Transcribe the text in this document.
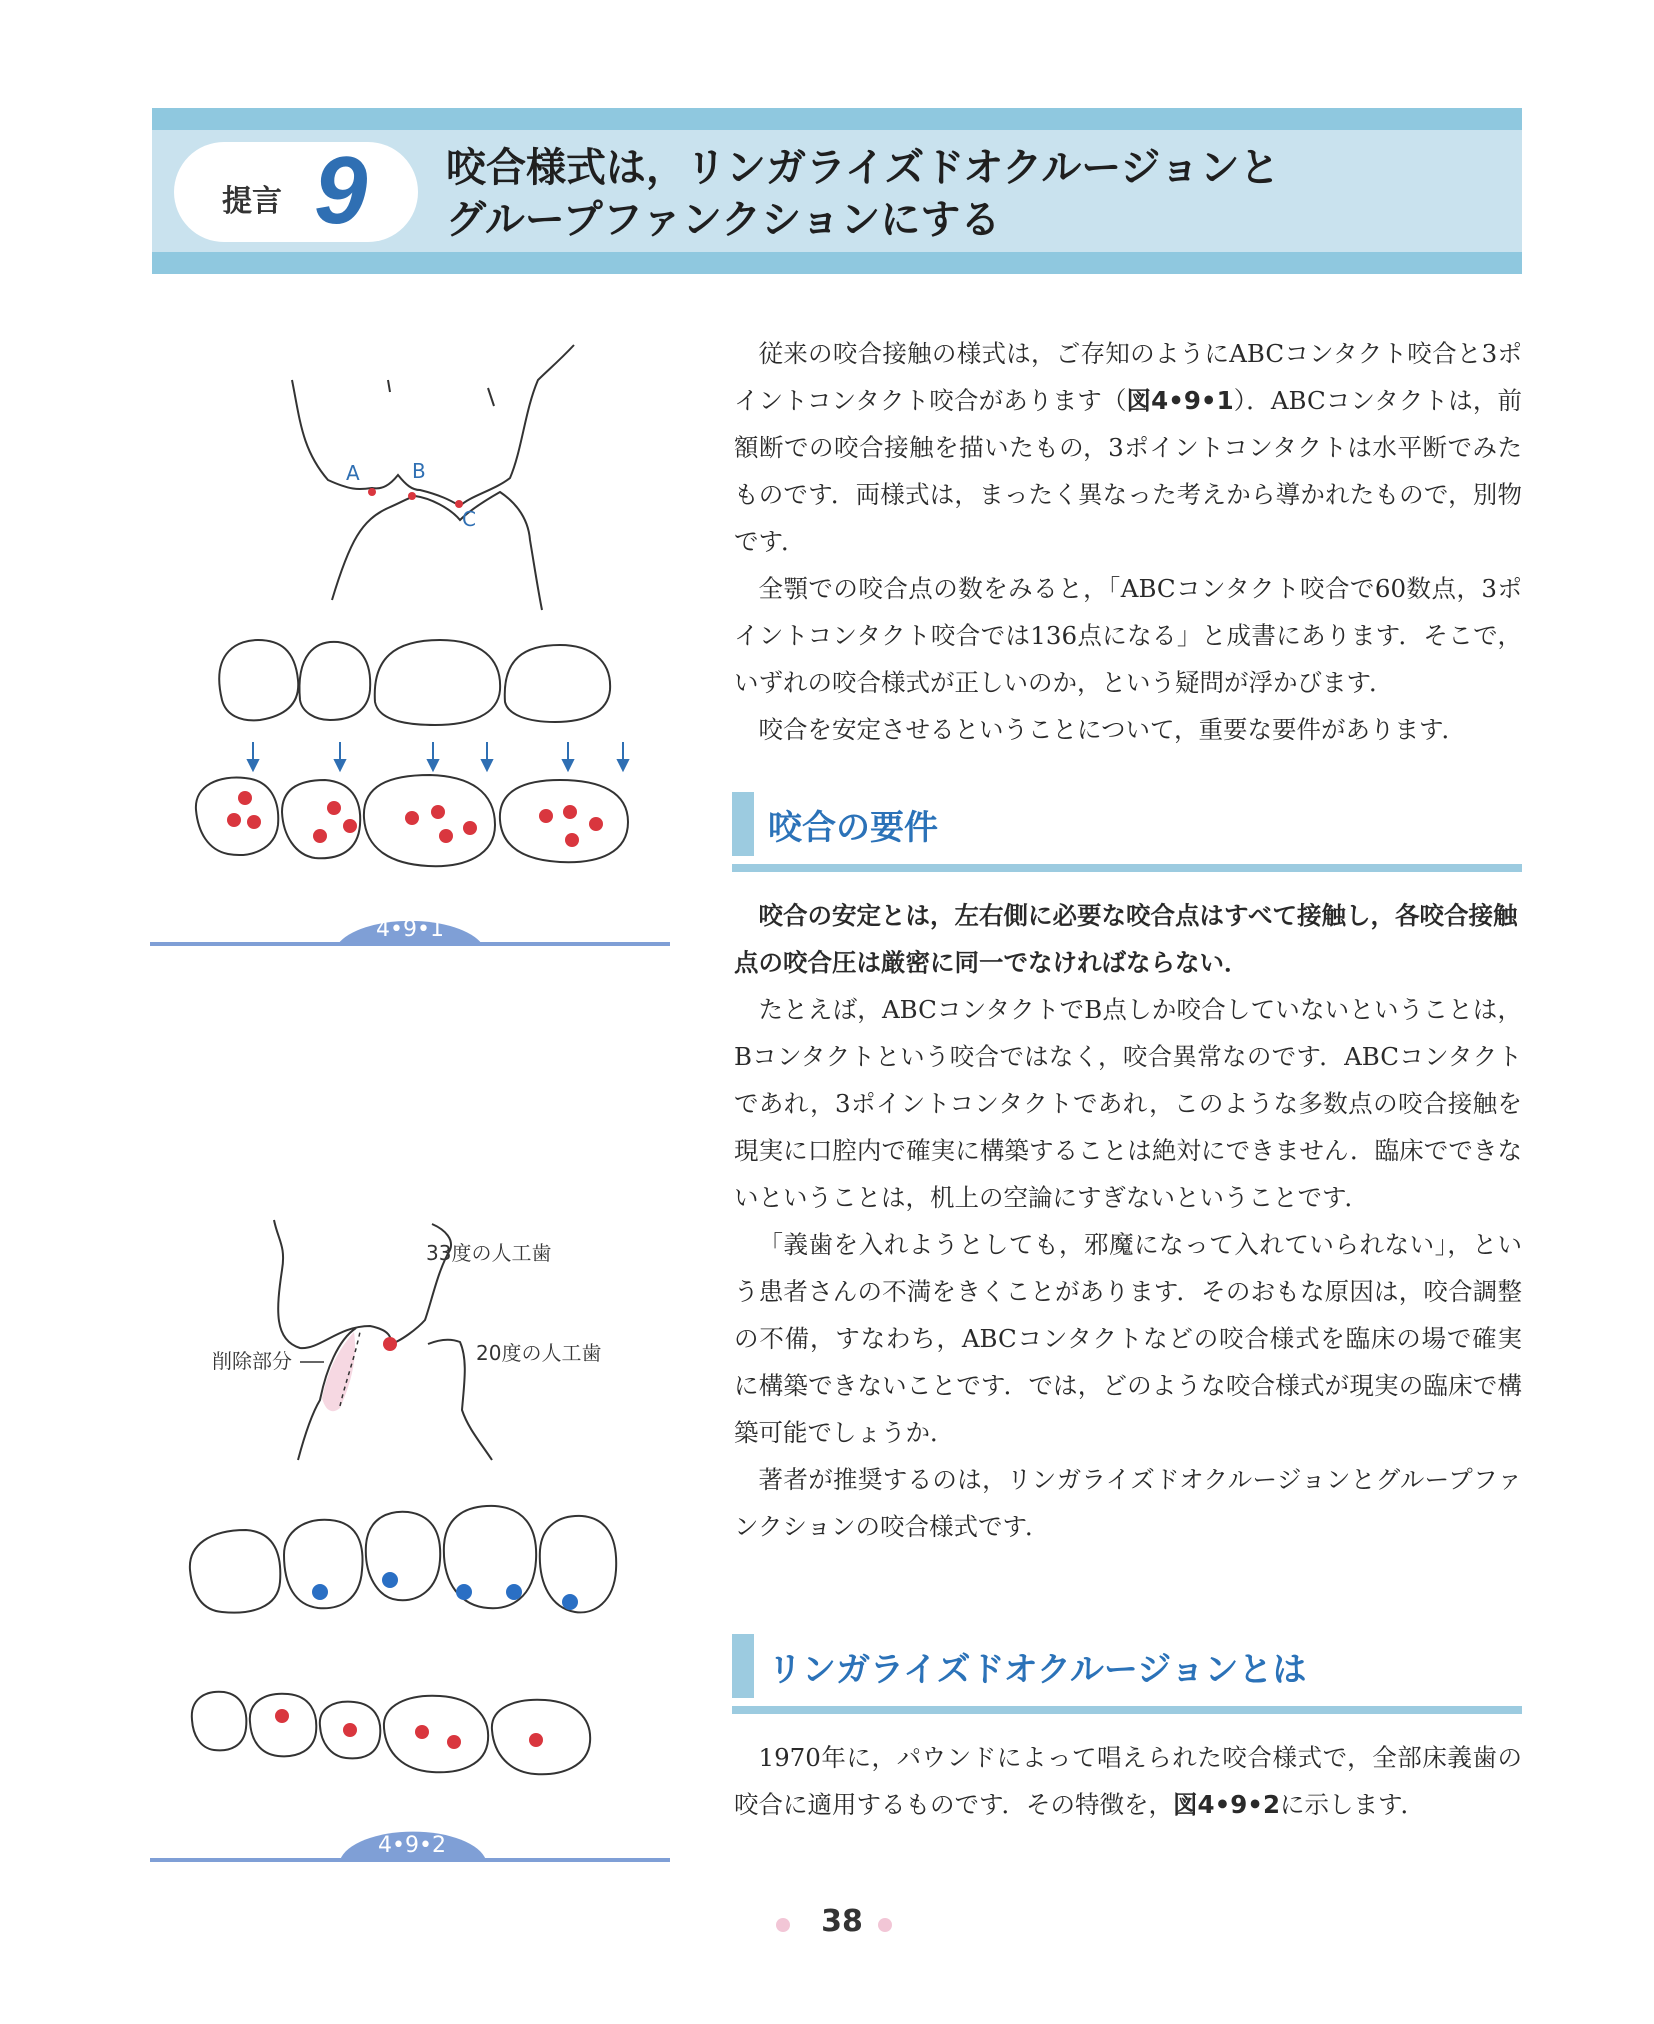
提言 9 咬合様式は，リンガライズドオクルージョンと
グループファンクションにする

従来の咬合接触の様式は，ご存知のようにABCコンタクト咬合と3ポイントコンタクト咬合があります（図4•9•1）．ABCコンタクトは，前額断での咬合接触を描いたもの，3ポイントコンタクトは水平断でみたものです．両様式は，まったく異なった考えから導かれたもので，別物です．

全顎での咬合点の数をみると，「ABCコンタクト咬合で60数点，3ポイントコンタクト咬合では136点になる」と成書にあります．そこで，いずれの咬合様式が正しいのか，という疑問が浮かびます．

咬合を安定させるということについて，重要な要件があります．

咬合の要件

咬合の安定とは，左右側に必要な咬合点はすべて接触し，各咬合接触点の咬合圧は厳密に同一でなければならない．

たとえば，ABCコンタクトでB点しか咬合していないということは，Bコンタクトという咬合ではなく，咬合異常なのです．ABCコンタクトであれ，3ポイントコンタクトであれ，このような多数点の咬合接触を現実に口腔内で確実に構築することは絶対にできません．臨床でできないということは，机上の空論にすぎないということです．

「義歯を入れようとしても，邪魔になって入れていられない」，という患者さんの不満をきくことがあります．そのおもな原因は，咬合調整の不備，すなわち，ABCコンタクトなどの咬合様式を臨床の場で確実に構築できないことです．では，どのような咬合様式が現実の臨床で構築可能でしょうか．

著者が推奨するのは，リンガライズドオクルージョンとグループファンクションの咬合様式です．

リンガライズドオクルージョンとは

1970年に，パウンドによって唱えられた咬合様式で，全部床義歯の咬合に適用するものです．その特徴を，図4•9•2に示します．

A	B
C
4•9•1
33度の人工歯
20度の人工歯
削除部分
4•9•2
38
